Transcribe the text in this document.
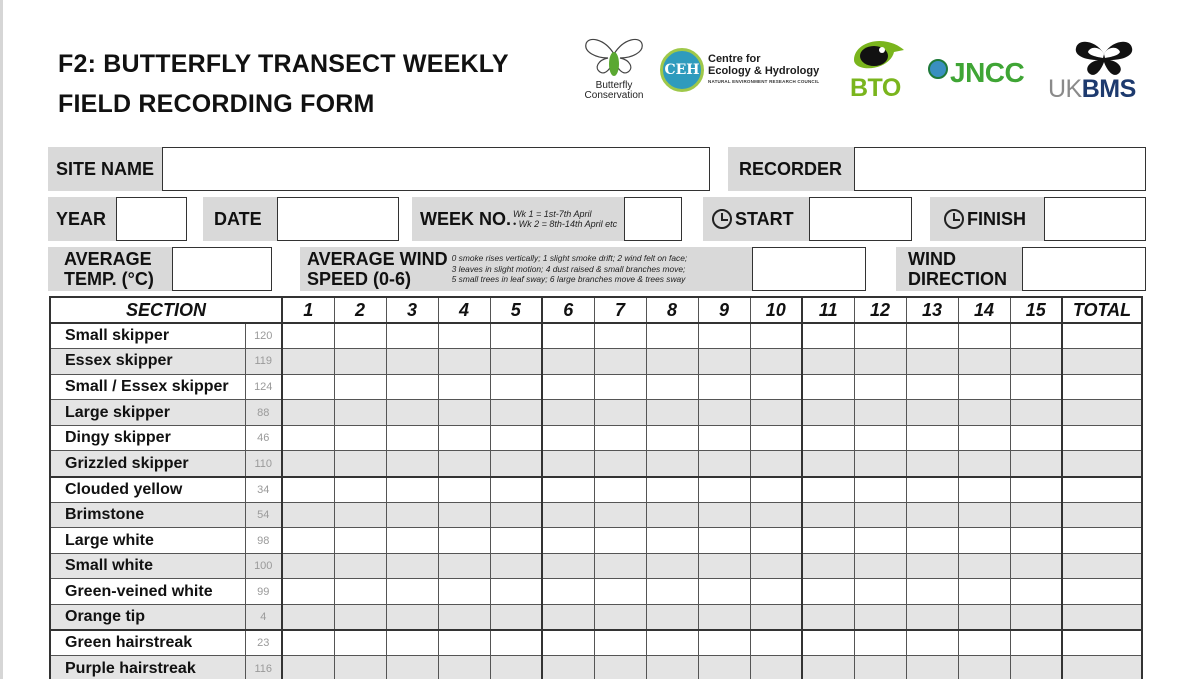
F2: BUTTERFLY TRANSECT WEEKLY
FIELD RECORDING FORM
Butterfly
Conservation
CEH
Centre for
Ecology & Hydrology
NATURAL ENVIRONMENT RESEARCH COUNCIL BTO JNCC
UKBMS
SITE NAME	RECORDER
YEAR	DATE	WEEK NO. Wk 1 = 1st-7th April
• Wk 2 = 8th-14th April etc	START	FINISH
AVERAGE
TEMP. (°C)
AVERAGE WIND
SPEED (0-6)
0 smoke rises vertically; 1 slight smoke drift; 2 wind felt on face;
3 leaves in slight motion; 4 dust raised & small branches move;
5 small trees in leaf sway; 6 large branches move & trees sway
WIND
DIRECTION
SECTION		1	2	3	4	5	6	7	8	9	10	11	12	13	14	15	TOTAL
Small skipper	120																
Essex skipper	119																
Small / Essex skipper	124																
Large skipper	88																
Dingy skipper	46																
Grizzled skipper	110																
Clouded yellow	34																
Brimstone	54																
Large white	98																
Small white	100																
Green-veined white	99																
Orange tip	4																
Green hairstreak	23																
Purple hairstreak	116																
